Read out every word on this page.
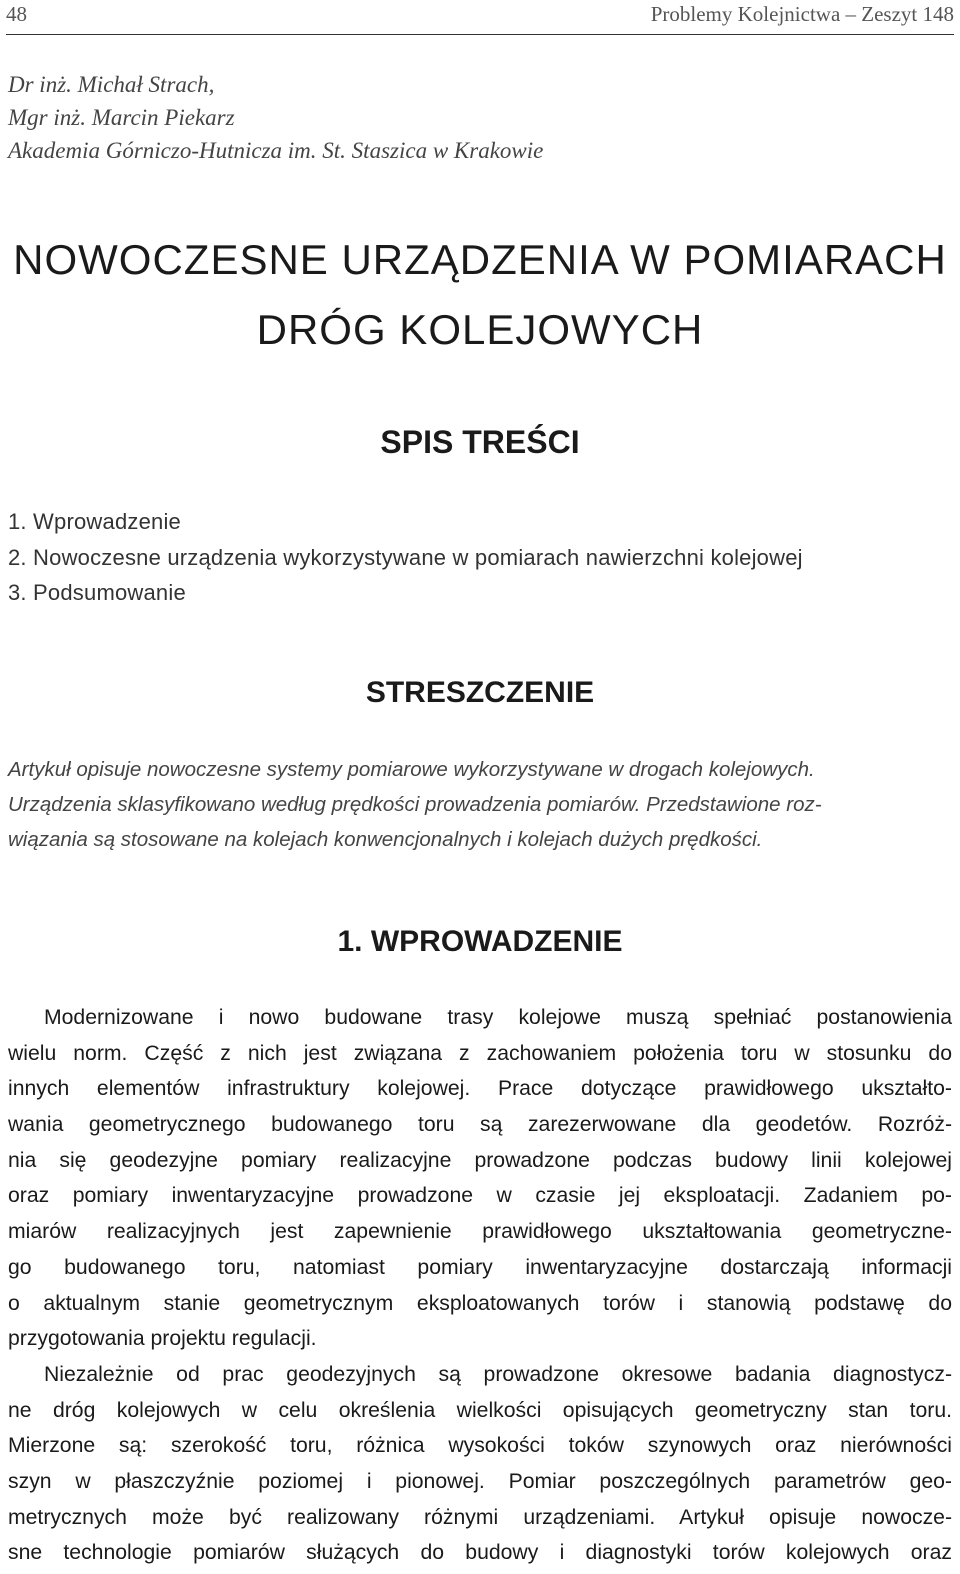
48	Problemy Kolejnictwa – Zeszyt 148
Dr inż. Michał Strach,
Mgr inż. Marcin Piekarz
Akademia Górniczo-Hutnicza im. St. Staszica w Krakowie
NOWOCZESNE URZĄDZENIA W POMIARACH
DRÓG KOLEJOWYCH
SPIS TREŚCI
1. Wprowadzenie
2. Nowoczesne urządzenia wykorzystywane w pomiarach nawierzchni kolejowej
3. Podsumowanie
STRESZCZENIE
Artykuł opisuje nowoczesne systemy pomiarowe wykorzystywane w drogach kolejowych.
Urządzenia sklasyfikowano według prędkości prowadzenia pomiarów. Przedstawione roz-
wiązania są stosowane na kolejach konwencjonalnych i kolejach dużych prędkości.
1. WPROWADZENIE
Modernizowane i nowo budowane trasy kolejowe muszą spełniać postanowienia
wielu norm. Część z nich jest związana z zachowaniem położenia toru w stosunku do
innych elementów infrastruktury kolejowej. Prace dotyczące prawidłowego ukształto-
wania geometrycznego budowanego toru są zarezerwowane dla geodetów. Rozróż-
nia się geodezyjne pomiary realizacyjne prowadzone podczas budowy linii kolejowej
oraz pomiary inwentaryzacyjne prowadzone w czasie jej eksploatacji. Zadaniem po-
miarów realizacyjnych jest zapewnienie prawidłowego ukształtowania geometryczne-
go budowanego toru, natomiast pomiary inwentaryzacyjne dostarczają informacji
o aktualnym stanie geometrycznym eksploatowanych torów i stanowią podstawę do
przygotowania projektu regulacji.
Niezależnie od prac geodezyjnych są prowadzone okresowe badania diagnostycz-
ne dróg kolejowych w celu określenia wielkości opisujących geometryczny stan toru.
Mierzone są: szerokość toru, różnica wysokości toków szynowych oraz nierówności
szyn w płaszczyźnie poziomej i pionowej. Pomiar poszczególnych parametrów geo-
metrycznych może być realizowany różnymi urządzeniami. Artykuł opisuje nowocze-
sne technologie pomiarów służących do budowy i diagnostyki torów kolejowych oraz
